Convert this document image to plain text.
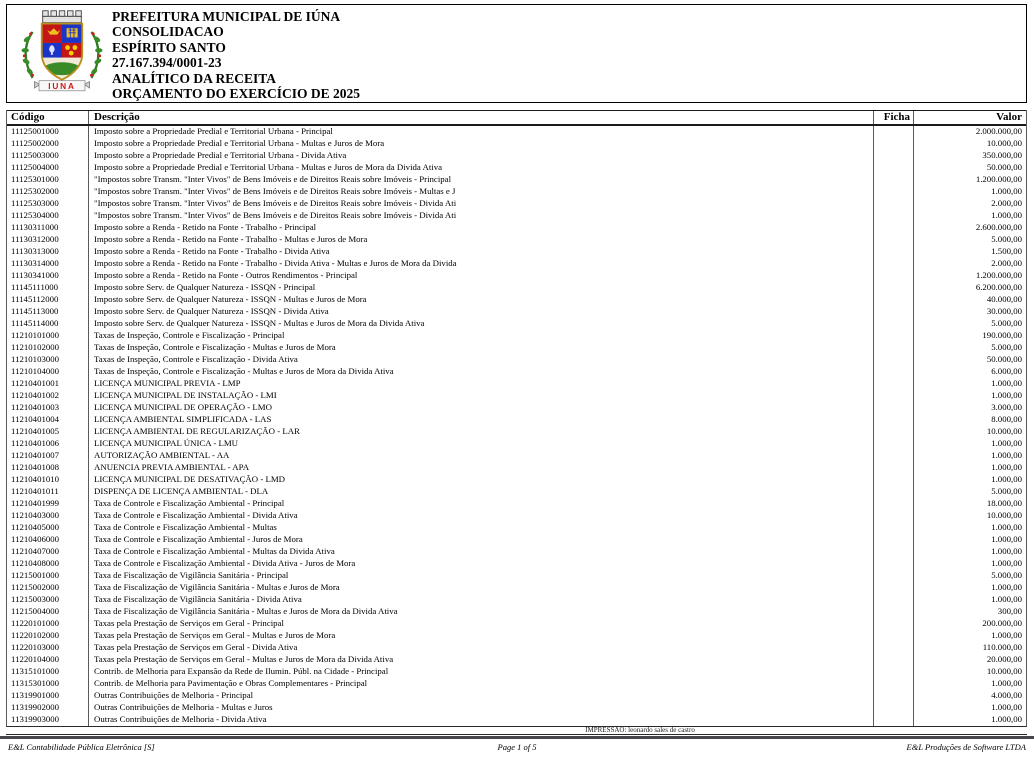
IUNA
PREFEITURA MUNICIPAL DE IÚNA
CONSOLIDACAO
ESPÍRITO SANTO
27.167.394/0001-23
ANALÍTICO DA RECEITA
ORÇAMENTO DO EXERCÍCIO DE 2025
Código	Descrição	Ficha	Valor
11125001000	Imposto sobre a Propriedade Predial e Territorial Urbana - Principal	2.000.000,00
11125002000	Imposto sobre a Propriedade Predial e Territorial Urbana - Multas e Juros de Mora	10.000,00
11125003000	Imposto sobre a Propriedade Predial e Territorial Urbana - Divida Ativa	350.000,00
11125004000	Imposto sobre a Propriedade Predial e Territorial Urbana - Multas e Juros de Mora da Divida Ativa	50.000,00
11125301000	"Impostos sobre Transm. "Inter Vivos" de Bens Imóveis e de Direitos Reais sobre Imóveis - Principal	1.200.000,00
11125302000	"Impostos sobre Transm. "Inter Vivos" de Bens Imóveis e de Direitos Reais sobre Imóveis - Multas e J	1.000,00
11125303000	"Impostos sobre Transm. "Inter Vivos" de Bens Imóveis e de Direitos Reais sobre Imóveis - Divida Ati	2.000,00
11125304000	"Impostos sobre Transm. "Inter Vivos" de Bens Imóveis e de Direitos Reais sobre Imóveis - Divida Ati	1.000,00
11130311000	Imposto sobre a Renda - Retido na Fonte - Trabalho - Principal	2.600.000,00
11130312000	Imposto sobre a Renda - Retido na Fonte - Trabalho - Multas e Juros de Mora	5.000,00
11130313000	Imposto sobre a Renda - Retido na Fonte - Trabalho - Divida Ativa	1.500,00
11130314000	Imposto sobre a Renda - Retido na Fonte - Trabalho - Divida Ativa - Multas e Juros de Mora da Divida	2.000,00
11130341000	Imposto sobre a Renda - Retido na Fonte - Outros Rendimentos - Principal	1.200.000,00
11145111000	Imposto sobre Serv. de Qualquer Natureza - ISSQN - Principal	6.200.000,00
11145112000	Imposto sobre Serv. de Qualquer Natureza - ISSQN - Multas e Juros de Mora	40.000,00
11145113000	Imposto sobre Serv. de Qualquer Natureza - ISSQN - Divida Ativa	30.000,00
11145114000	Imposto sobre Serv. de Qualquer Natureza - ISSQN - Multas e Juros de Mora da Divida Ativa	5.000,00
11210101000	Taxas de Inspeção, Controle e Fiscalização - Principal	190.000,00
11210102000	Taxas de Inspeção, Controle e Fiscalização - Multas e Juros de Mora	5.000,00
11210103000	Taxas de Inspeção, Controle e Fiscalização - Divida Ativa	50.000,00
11210104000	Taxas de Inspeção, Controle e Fiscalização - Multas e Juros de Mora da Divida Ativa	6.000,00
11210401001	LICENÇA MUNICIPAL PREVIA - LMP	1.000,00
11210401002	LICENÇA MUNICIPAL DE INSTALAÇÃO - LMI	1.000,00
11210401003	LICENÇA MUNICIPAL DE OPERAÇÃO - LMO	3.000,00
11210401004	LICENÇA AMBIENTAL SIMPLIFICADA - LAS	8.000,00
11210401005	LICENÇA AMBIENTAL DE REGULARIZAÇÃO - LAR	10.000,00
11210401006	LICENÇA MUNICIPAL ÚNICA - LMU	1.000,00
11210401007	AUTORIZAÇÃO AMBIENTAL - AA	1.000,00
11210401008	ANUENCIA PREVIA AMBIENTAL - APA	1.000,00
11210401010	LICENÇA MUNICIPAL DE DESATIVAÇÃO - LMD	1.000,00
11210401011	DISPENÇA DE LICENÇA AMBIENTAL - DLA	5.000,00
11210401999	Taxa de Controle e Fiscalização Ambiental - Principal	18.000,00
11210403000	Taxa de Controle e Fiscalização Ambiental - Divida Ativa	10.000,00
11210405000	Taxa de Controle e Fiscalização Ambiental - Multas	1.000,00
11210406000	Taxa de Controle e Fiscalização Ambiental - Juros de Mora	1.000,00
11210407000	Taxa de Controle e Fiscalização Ambiental - Multas da Divida Ativa	1.000,00
11210408000	Taxa de Controle e Fiscalização Ambiental - Divida Ativa - Juros de Mora	1.000,00
11215001000	Taxa de Fiscalização de Vigilância Sanitária - Principal	5.000,00
11215002000	Taxa de Fiscalização de Vigilância Sanitária - Multas e Juros de Mora	1.000,00
11215003000	Taxa de Fiscalização de Vigilância Sanitária - Divida Ativa	1.000,00
11215004000	Taxa de Fiscalização de Vigilância Sanitária - Multas e Juros de Mora da Divida Ativa	300,00
11220101000	Taxas pela Prestação de Serviços em Geral - Principal	200.000,00
11220102000	Taxas pela Prestação de Serviços em Geral - Multas e Juros de Mora	1.000,00
11220103000	Taxas pela Prestação de Serviços em Geral - Divida Ativa	110.000,00
11220104000	Taxas pela Prestação de Serviços em Geral - Multas e Juros de Mora da Divida Ativa	20.000,00
11315101000	Contrib. de Melhoria para Expansão da Rede de Ilumin. Públ. na Cidade - Principal	10.000,00
11315301000	Contrib. de Melhoria para Pavimentação e Obras Complementares - Principal	1.000,00
11319901000	Outras Contribuições de Melhoria - Principal	4.000,00
11319902000	Outras Contribuições de Melhoria - Multas e Juros	1.000,00
11319903000	Outras Contribuições de Melhoria - Divida Ativa	1.000,00
IMPRESSÃO: leonardo sales de castro
E&L Contabilidade Pública Eletrônica [S]	Page 1 of 5	E&L Produções de Software LTDA
